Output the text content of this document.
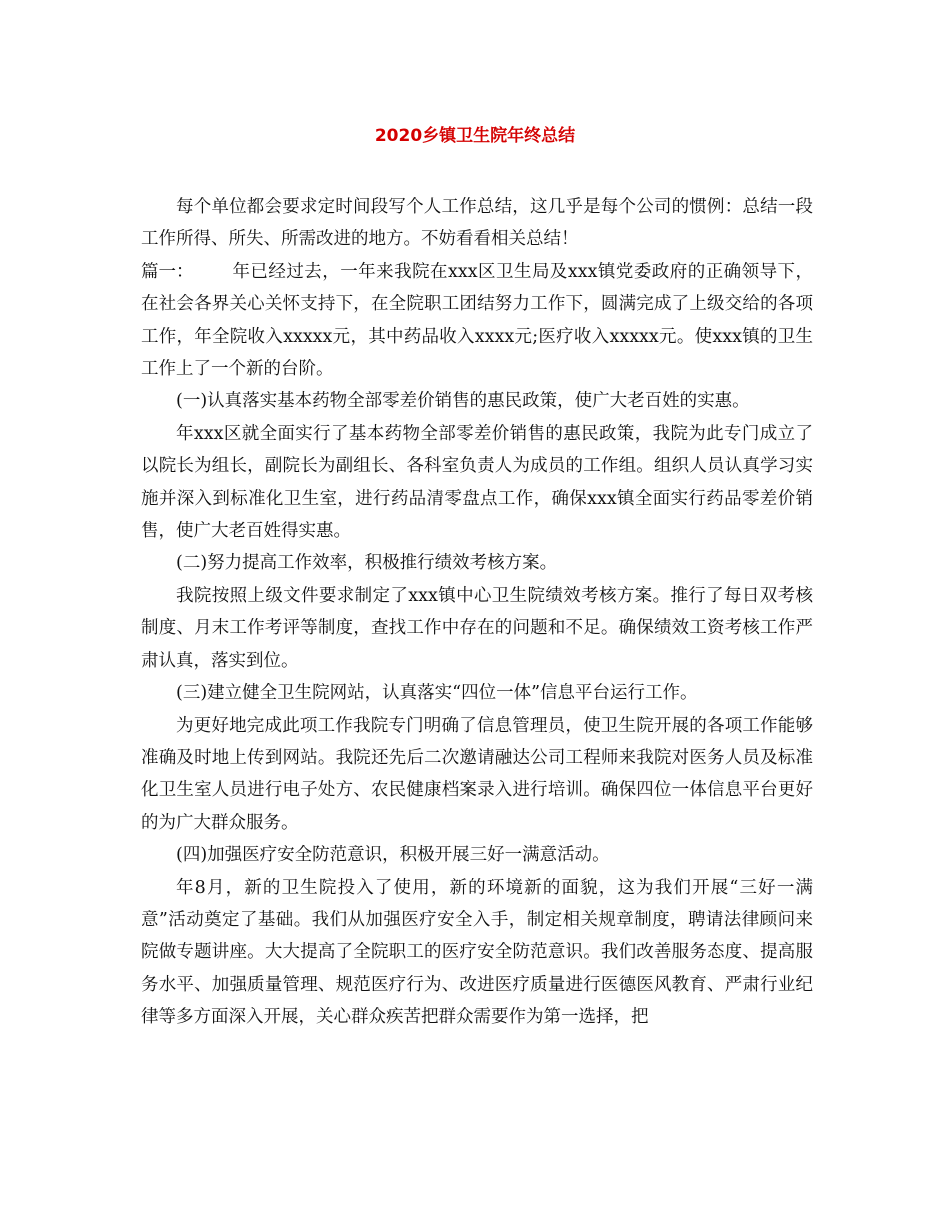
2020乡镇卫生院年终总结

每个单位都会要求定时间段写个人工作总结，这几乎是每个公司的惯例：总结一段工作所得、所失、所需改进的地方。不妨看看相关总结！

篇一： 年已经过去，一年来我院在xxx区卫生局及xxx镇党委政府的正确领导下，在社会各界关心关怀支持下，在全院职工团结努力工作下，圆满完成了上级交给的各项工作，年全院收入xxxxx元，其中药品收入xxxx元;医疗收入xxxxx元。使xxx镇的卫生工作上了一个新的台阶。

(一)认真落实基本药物全部零差价销售的惠民政策，使广大老百姓的实惠。

年xxx区就全面实行了基本药物全部零差价销售的惠民政策，我院为此专门成立了以院长为组长，副院长为副组长、各科室负责人为成员的工作组。组织人员认真学习实施并深入到标准化卫生室，进行药品清零盘点工作，确保xxx镇全面实行药品零差价销售，使广大老百姓得实惠。

(二)努力提高工作效率，积极推行绩效考核方案。

我院按照上级文件要求制定了xxx镇中心卫生院绩效考核方案。推行了每日双考核制度、月末工作考评等制度，查找工作中存在的问题和不足。确保绩效工资考核工作严肃认真，落实到位。

(三)建立健全卫生院网站，认真落实“四位一体”信息平台运行工作。

为更好地完成此项工作我院专门明确了信息管理员，使卫生院开展的各项工作能够准确及时地上传到网站。我院还先后二次邀请融达公司工程师来我院对医务人员及标准化卫生室人员进行电子处方、农民健康档案录入进行培训。确保四位一体信息平台更好的为广大群众服务。

(四)加强医疗安全防范意识，积极开展三好一满意活动。

年8月，新的卫生院投入了使用，新的环境新的面貌，这为我们开展“三好一满意”活动奠定了基础。我们从加强医疗安全入手，制定相关规章制度，聘请法律顾问来院做专题讲座。大大提高了全院职工的医疗安全防范意识。我们改善服务态度、提高服务水平、加强质量管理、规范医疗行为、改进医疗质量进行医德医风教育、严肃行业纪律等多方面深入开展，关心群众疾苦把群众需要作为第一选择，把
